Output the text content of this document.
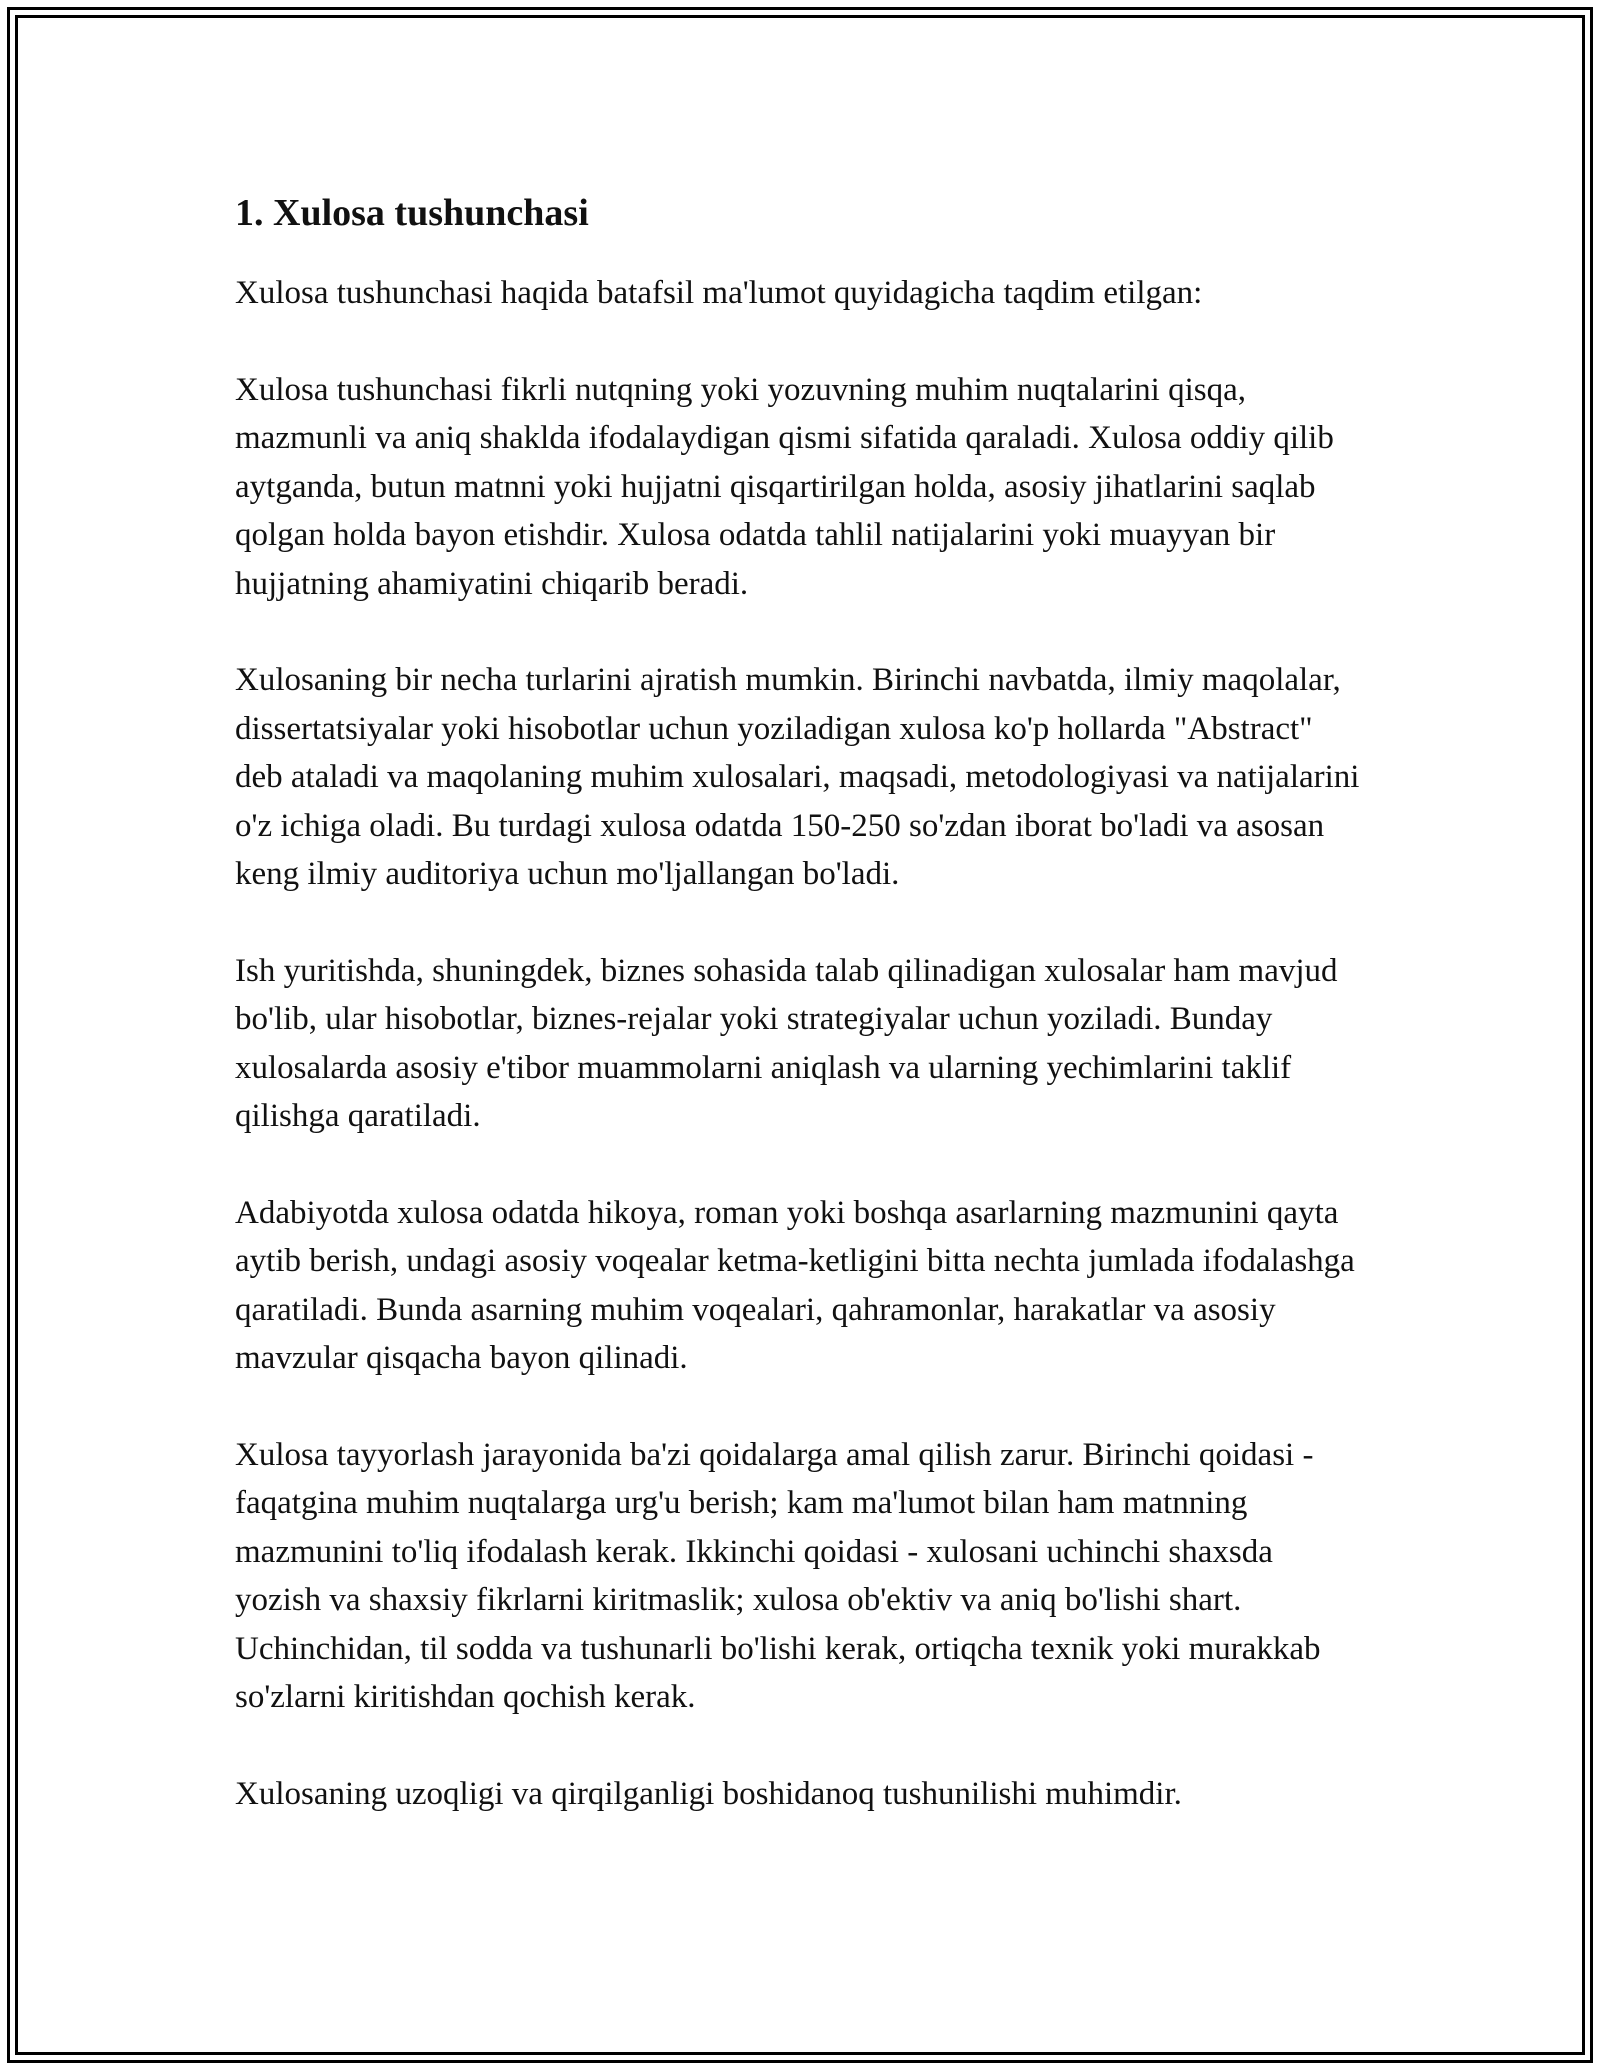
1. Xulosa tushunchasi

Xulosa tushunchasi haqida batafsil ma'lumot quyidagicha taqdim etilgan:

Xulosa tushunchasi fikrli nutqning yoki yozuvning muhim nuqtalarini qisqa, mazmunli va aniq shaklda ifodalaydigan qismi sifatida qaraladi. Xulosa oddiy qilib aytganda, butun matnni yoki hujjatni qisqartirilgan holda, asosiy jihatlarini saqlab qolgan holda bayon etishdir. Xulosa odatda tahlil natijalarini yoki muayyan bir hujjatning ahamiyatini chiqarib beradi.

Xulosaning bir necha turlarini ajratish mumkin. Birinchi navbatda, ilmiy maqolalar, dissertatsiyalar yoki hisobotlar uchun yoziladigan xulosa ko'p hollarda "Abstract" deb ataladi va maqolaning muhim xulosalari, maqsadi, metodologiyasi va natijalarini o'z ichiga oladi. Bu turdagi xulosa odatda 150-250 so'zdan iborat bo'ladi va asosan keng ilmiy auditoriya uchun mo'ljallangan bo'ladi.

Ish yuritishda, shuningdek, biznes sohasida talab qilinadigan xulosalar ham mavjud bo'lib, ular hisobotlar, biznes-rejalar yoki strategiyalar uchun yoziladi. Bunday xulosalarda asosiy e'tibor muammolarni aniqlash va ularning yechimlarini taklif qilishga qaratiladi.

Adabiyotda xulosa odatda hikoya, roman yoki boshqa asarlarning mazmunini qayta aytib berish, undagi asosiy voqealar ketma-ketligini bitta nechta jumlada ifodalashga qaratiladi. Bunda asarning muhim voqealari, qahramonlar, harakatlar va asosiy mavzular qisqacha bayon qilinadi.

Xulosa tayyorlash jarayonida ba'zi qoidalarga amal qilish zarur. Birinchi qoidasi - faqatgina muhim nuqtalarga urg'u berish; kam ma'lumot bilan ham matnning mazmunini to'liq ifodalash kerak. Ikkinchi qoidasi - xulosani uchinchi shaxsda yozish va shaxsiy fikrlarni kiritmaslik; xulosa ob'ektiv va aniq bo'lishi shart. Uchinchidan, til sodda va tushunarli bo'lishi kerak, ortiqcha texnik yoki murakkab so'zlarni kiritishdan qochish kerak.

Xulosaning uzoqligi va qirqilganligi boshidanoq tushunilishi muhimdir.
